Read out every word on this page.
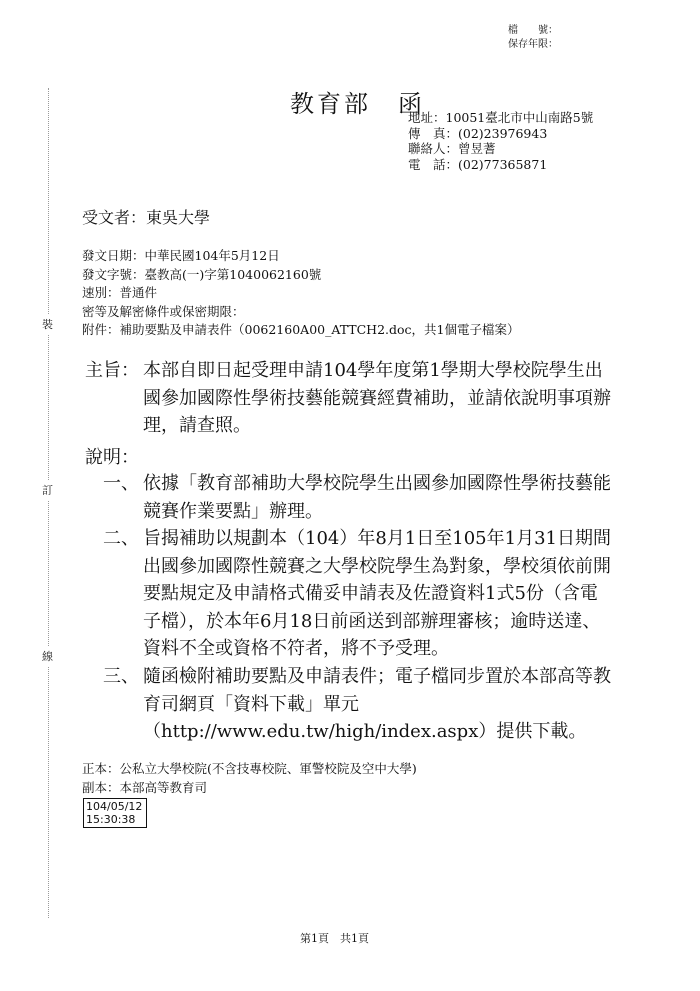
裝
訂
線
檔　　號：
保存年限：
教育部　函
地址：10051臺北市中山南路5號
傳　真：(02)23976943
聯絡人：曾昱蓍
電　話：(02)77365871
受文者：東吳大學
發文日期：中華民國104年5月12日
發文字號：臺教高(一)字第1040062160號
速別：普通件
密等及解密條件或保密期限：
附件：補助要點及申請表件（0062160A00_ATTCH2.doc，共1個電子檔案）
主旨： 本部自即日起受理申請104學年度第1學期大學校院學生出國參加國際性學術技藝能競賽經費補助，並請依說明事項辦理，請查照。
說明：
一、 依據「教育部補助大學校院學生出國參加國際性學術技藝能競賽作業要點」辦理。
二、 旨揭補助以規劃本（104）年8月1日至105年1月31日期間出國參加國際性競賽之大學校院學生為對象，學校須依前開要點規定及申請格式備妥申請表及佐證資料1式5份（含電子檔），於本年6月18日前函送到部辦理審核；逾時送達、資料不全或資格不符者，將不予受理。
三、 隨函檢附補助要點及申請表件；電子檔同步置於本部高等教育司網頁「資料下載」單元（http://www.edu.tw/high/index.aspx）提供下載。
正本：公私立大學校院(不含技專校院、軍警校院及空中大學)
副本：本部高等教育司
104/05/12
15:30:38
第1頁　共1頁
